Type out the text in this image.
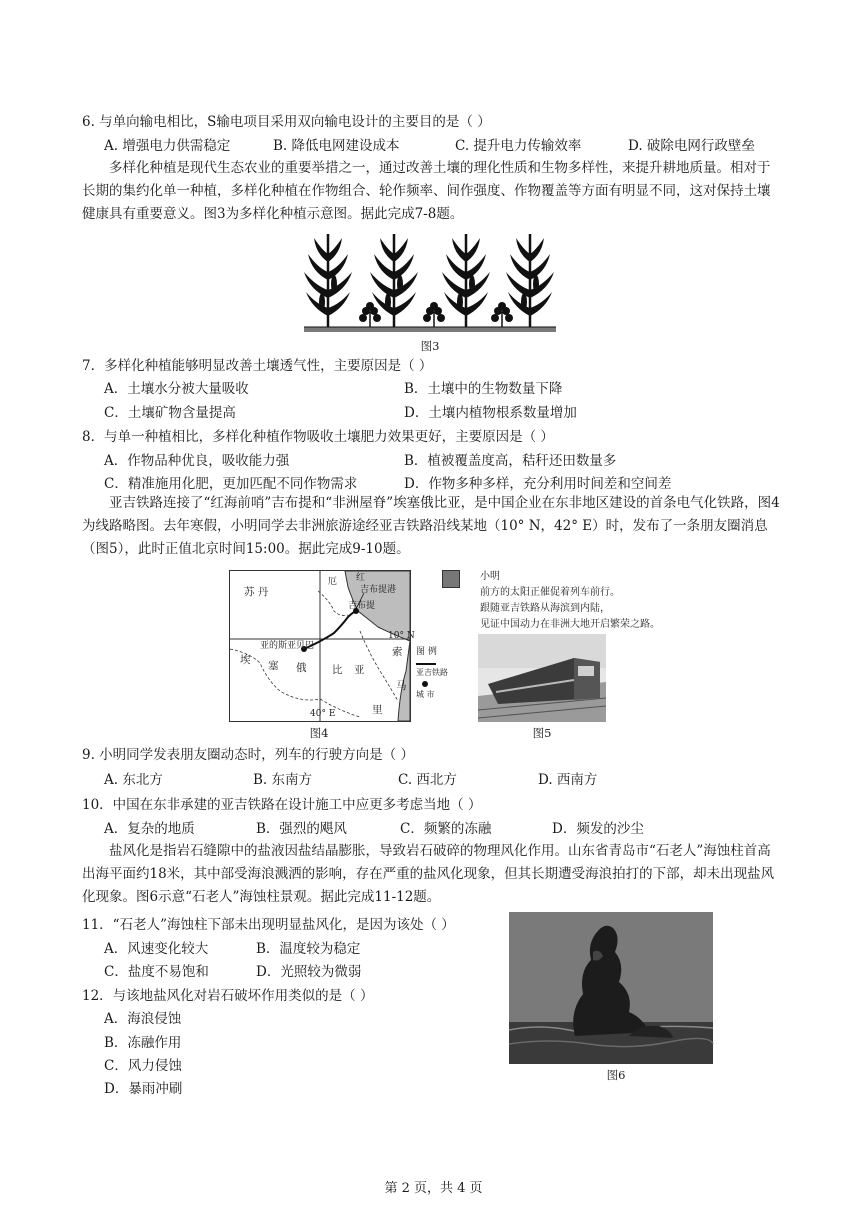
6. 与单向输电相比，S输电项目采用双向输电设计的主要目的是（ ）
A. 增强电力供需稳定	B. 降低电网建设成本	C. 提升电力传输效率	D. 破除电网行政壁垒
多样化种植是现代生态农业的重要举措之一，通过改善土壤的理化性质和生物多样性，来提升耕地质量。相对于长期的集约化单一种植，多样化种植在作物组合、轮作频率、间作强度、作物覆盖等方面有明显不同，这对保持土壤健康具有重要意义。图3为多样化种植示意图。据此完成7-8题。
图3
7．多样化种植能够明显改善土壤透气性，主要原因是（ ）
A．土壤水分被大量吸收	B．土壤中的生物数量下降
C．土壤矿物含量提高	D．土壤内植物根系数量增加
8．与单一种植相比，多样化种植作物吸收土壤肥力效果更好，主要原因是（ ）
A．作物品种优良，吸收能力强	B．植被覆盖度高，秸秆还田数量多
C．精准施用化肥，更加匹配不同作物需求	D．作物多种多样，充分利用时间差和空间差
亚吉铁路连接了“红海前哨”吉布提和“非洲屋脊”埃塞俄比亚，是中国企业在东非地区建设的首条电气化铁路，图4为线路略图。去年寒假，小明同学去非洲旅游途经亚吉铁路沿线某地（10° N，42° E）时，发布了一条朋友圈消息（图5），此时正值北京时间15:00。据此完成9-10题。
苏 丹
厄 红
吉布提港
吉布提
亚的斯亚贝巴
10° N
埃 塞 俄 比 亚
索
马
里
40° E
图 例
亚吉铁路
城 市
图4
小明
前方的太阳正催促着列车前行。
跟随亚吉铁路从海滨到内陆，
见证中国动力在非洲大地开启繁荣之路。
图5
9. 小明同学发表朋友圈动态时，列车的行驶方向是（ ）
A. 东北方	B. 东南方	C. 西北方	D. 西南方
10．中国在东非承建的亚吉铁路在设计施工中应更多考虑当地（ ）
A．复杂的地质	B．强烈的飓风	C．频繁的冻融	D．频发的沙尘
盐风化是指岩石缝隙中的盐液因盐结晶膨胀，导致岩石破碎的物理风化作用。山东省青岛市“石老人”海蚀柱首高出海平面约18米，其中部受海浪溅洒的影响，存在严重的盐风化现象，但其长期遭受海浪拍打的下部，却未出现盐风化现象。图6示意“石老人”海蚀柱景观。据此完成11-12题。
11．“石老人”海蚀柱下部未出现明显盐风化，是因为该处（ ）
A．风速变化较大	B．温度较为稳定
C．盐度不易饱和	D．光照较为微弱
12．与该地盐风化对岩石破坏作用类似的是（ ）
A．海浪侵蚀
B．冻融作用
C．风力侵蚀
D．暴雨冲刷
图6
第 2 页，共 4 页
